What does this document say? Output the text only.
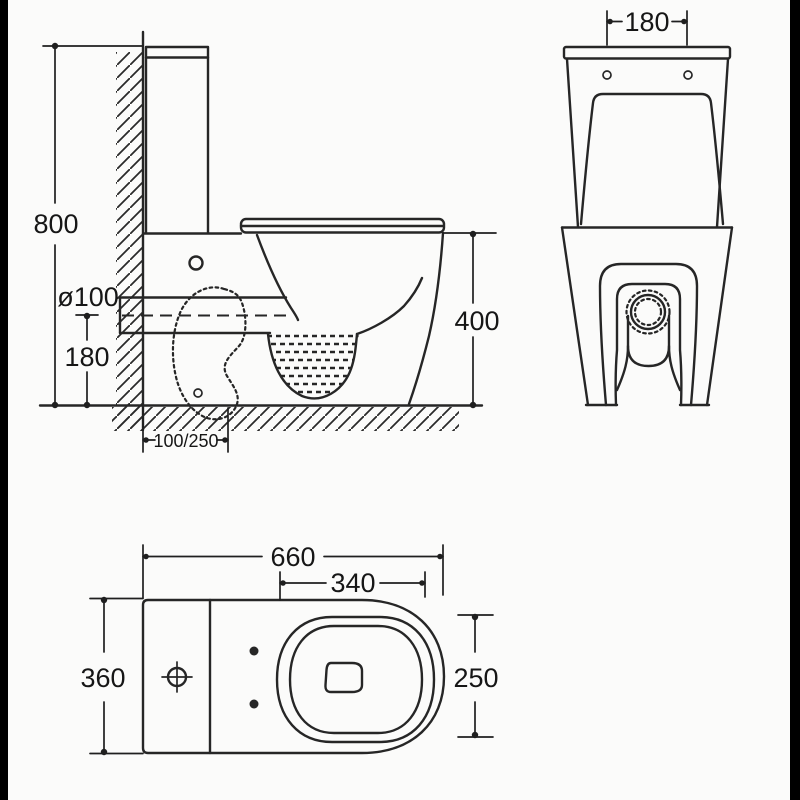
800
ø100
180
400
100/250
180
660
340
360	250
